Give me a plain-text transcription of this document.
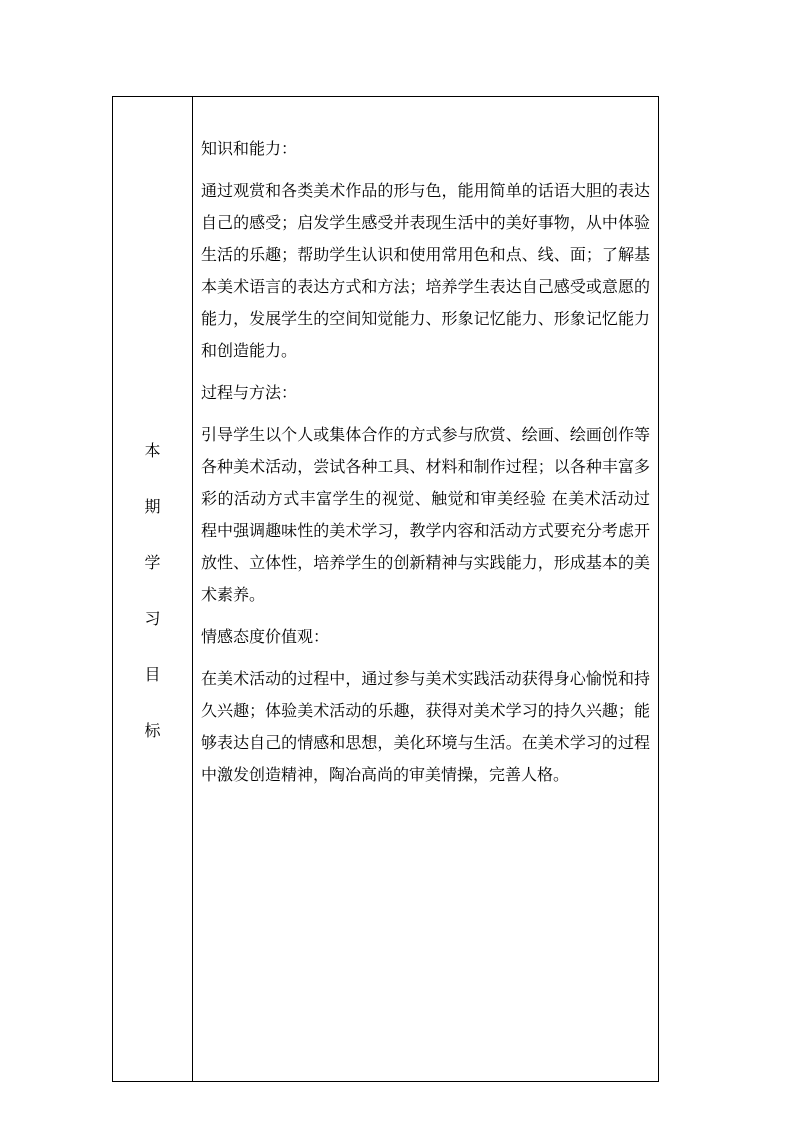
本
期
学
习
目
标

知识和能力：

通过观赏和各类美术作品的形与色，能用简单的话语大胆的表达自己的感受；启发学生感受并表现生活中的美好事物，从中体验生活的乐趣；帮助学生认识和使用常用色和点、线、面；了解基本美术语言的表达方式和方法；培养学生表达自己感受或意愿的能力，发展学生的空间知觉能力、形象记忆能力、形象记忆能力和创造能力。

过程与方法：

引导学生以个人或集体合作的方式参与欣赏、绘画、绘画创作等各种美术活动，尝试各种工具、材料和制作过程；以各种丰富多彩的活动方式丰富学生的视觉、触觉和审美经验 在美术活动过程中强调趣味性的美术学习，教学内容和活动方式要充分考虑开放性、立体性，培养学生的创新精神与实践能力，形成基本的美术素养。

情感态度价值观：

在美术活动的过程中，通过参与美术实践活动获得身心愉悦和持久兴趣；体验美术活动的乐趣，获得对美术学习的持久兴趣；能够表达自己的情感和思想，美化环境与生活。在美术学习的过程中激发创造精神，陶冶高尚的审美情操，完善人格。
